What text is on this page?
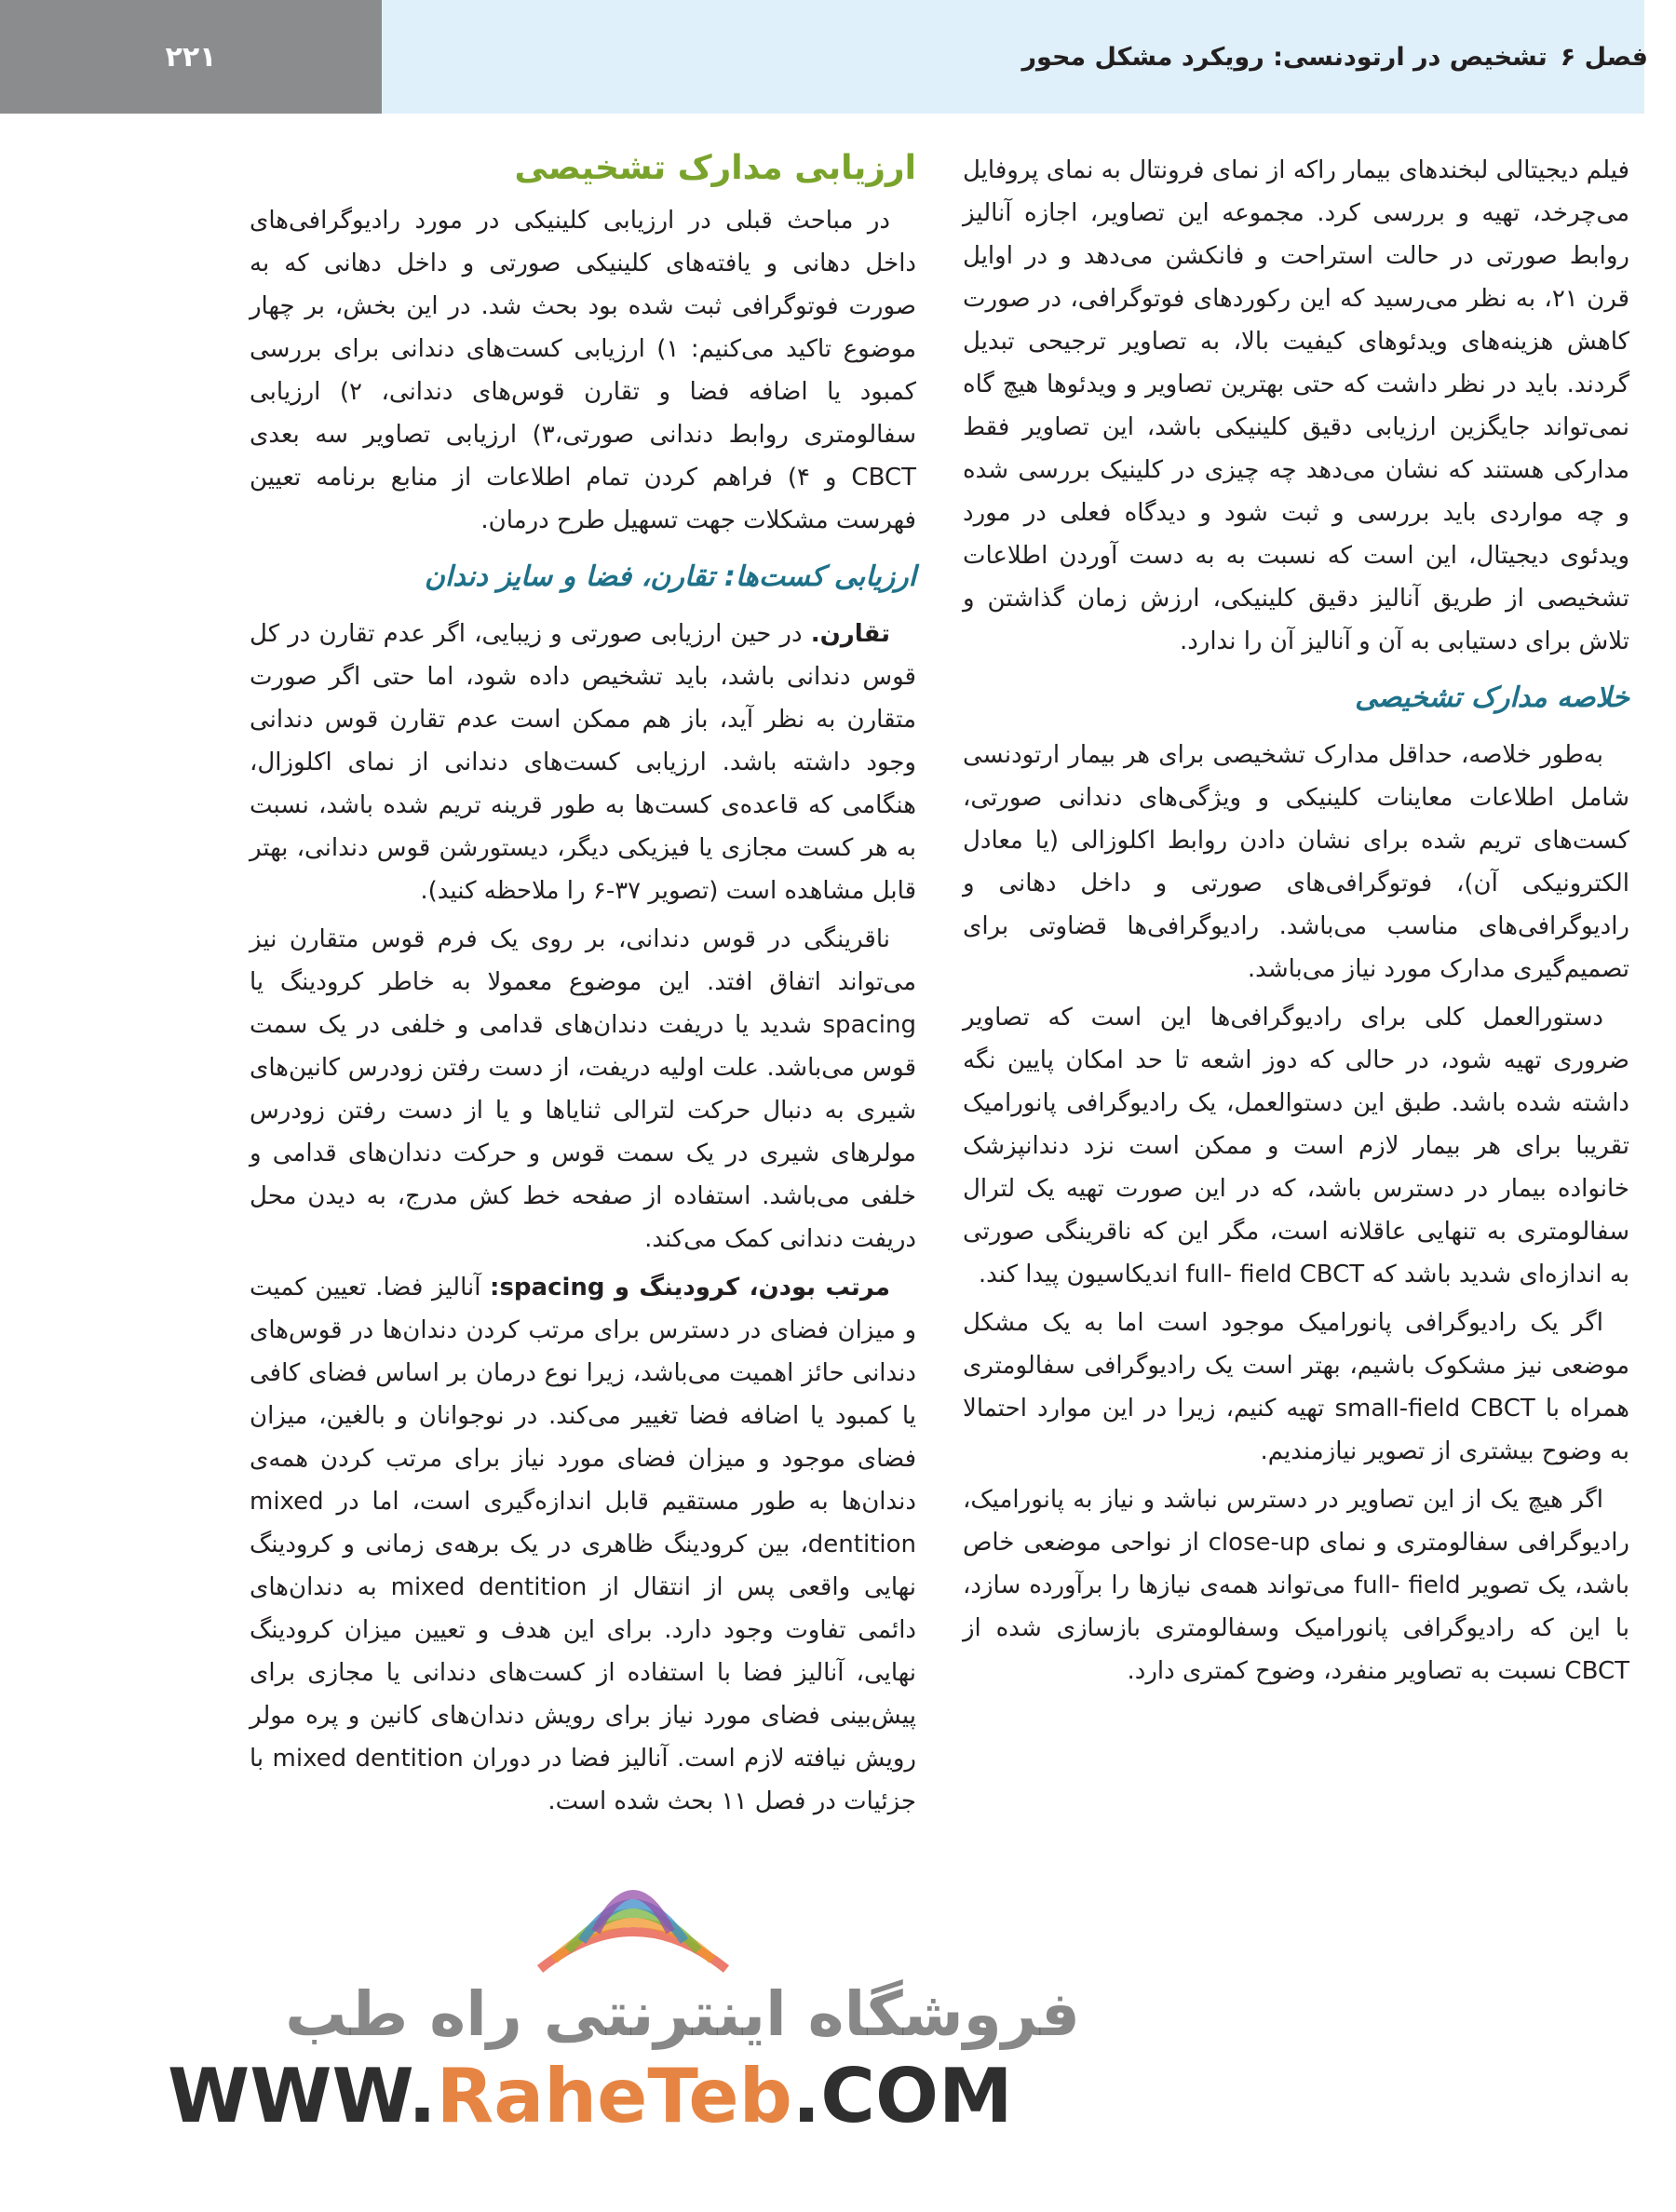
۲۲۱	فصل ۶
تشخیص در ارتودنسی: رویکرد مشکل محور

فیلم دیجیتالی لبخندهای بیمار راکه از نمای فرونتال به نمای پروفایل می‌چرخد، تهیه و بررسی کرد. مجموعه این تصاویر، اجازه آنالیز روابط صورتی در حالت استراحت و فانکشن می‌دهد و در اوایل قرن ۲۱، به نظر می‌رسید که این رکوردهای فوتوگرافی، در صورت کاهش هزینه‌های ویدئوهای کیفیت بالا، به تصاویر ترجیحی تبدیل گردند. باید در نظر داشت که حتی بهترین تصاویر و ویدئوها هیچ گاه نمی‌تواند جایگزین ارزیابی دقیق کلینیکی باشد، این تصاویر فقط مدارکی هستند که نشان می‌دهد چه چیزی در کلینیک بررسی شده و چه مواردی باید بررسی و ثبت شود و دیدگاه فعلی در مورد ویدئوی دیجیتال، این است که نسبت به به دست آوردن اطلاعات تشخیصی از طریق آنالیز دقیق کلینیکی، ارزش زمان گذاشتن و تلاش برای دستیابی به آن و آنالیز آن را ندارد.

خلاصه مدارک تشخیصی

به‌طور خلاصه، حداقل مدارک تشخیصی برای هر بیمار ارتودنسی شامل اطلاعات معاینات کلینیکی و ویژگی‌های دندانی صورتی، کست‌های تریم شده برای نشان دادن روابط اکلوزالی (یا معادل الکترونیکی آن)، فوتوگرافی‌های صورتی و داخل دهانی و رادیوگرافی‌های مناسب می‌باشد. رادیوگرافی‌ها قضاوتی برای تصمیم‌گیری مدارک مورد نیاز می‌باشد.

دستورالعمل کلی برای رادیوگرافی‌ها این است که تصاویر ضروری تهیه شود، در حالی که دوز اشعه تا حد امکان پایین نگه داشته شده باشد. طبق این دستوالعمل، یک رادیوگرافی پانورامیک تقریبا برای هر بیمار لازم است و ممکن است نزد دندانپزشک خانواده بیمار در دسترس باشد، که در این صورت تهیه یک لترال سفالومتری به تنهایی عاقلانه است، مگر این که ناقرینگی صورتی به اندازه‌ای شدید باشد که full- field CBCT اندیکاسیون پیدا کند.

اگر یک رادیوگرافی پانورامیک موجود است اما به یک مشکل موضعی نیز مشکوک باشیم، بهتر است یک رادیوگرافی سفالومتری همراه با small-field CBCT تهیه کنیم، زیرا در این موارد احتمالا به وضوح بیشتری از تصویر نیازمندیم.

اگر هیچ یک از این تصاویر در دسترس نباشد و نیاز به پانورامیک، رادیوگرافی سفالومتری و نمای close-up از نواحی موضعی خاص باشد، یک تصویر full- field می‌تواند همه‌ی نیازها را برآورده سازد، با این که رادیوگرافی پانورامیک وسفالومتری بازسازی شده از CBCT نسبت به تصاویر منفرد، وضوح کمتری دارد.

ارزیابی مدارک تشخیصی

در مباحث قبلی در ارزیابی کلینیکی در مورد رادیوگرافی‌های داخل دهانی و یافته‌های کلینیکی صورتی و داخل دهانی که به صورت فوتوگرافی ثبت شده بود بحث شد. در این بخش، بر چهار موضوع تاکید می‌کنیم: ۱) ارزیابی کست‌های دندانی برای بررسی کمبود یا اضافه فضا و تقارن قوس‌های دندانی، ۲) ارزیابی سفالومتری روابط دندانی صورتی،۳) ارزیابی تصاویر سه بعدی CBCT و ۴) فراهم کردن تمام اطلاعات از منابع برنامه تعیین فهرست مشکلات جهت تسهیل طرح درمان.

ارزیابی کست‌ها: تقارن، فضا و سایز دندان

تقارن. در حین ارزیابی صورتی و زیبایی، اگر عدم تقارن در کل قوس دندانی باشد، باید تشخیص داده شود، اما حتی اگر صورت متقارن به نظر آید، باز هم ممکن است عدم تقارن قوس دندانی وجود داشته باشد. ارزیابی کست‌های دندانی از نمای اکلوزال، هنگامی که قاعده‌ی کست‌ها به طور قرینه تریم شده باشد، نسبت به هر کست مجازی یا فیزیکی دیگر، دیستورشن قوس دندانی، بهتر قابل مشاهده است (تصویر ۳۷-۶ را ملاحظه کنید).

ناقرینگی در قوس دندانی، بر روی یک فرم قوس متقارن نیز می‌تواند اتفاق افتد. این موضوع معمولا به خاطر کرودینگ یا spacing شدید یا دریفت دندان‌های قدامی و خلفی در یک سمت قوس می‌باشد. علت اولیه دریفت، از دست رفتن زودرس کانین‌های شیری به دنبال حرکت لترالی ثنایاها و یا از دست رفتن زودرس مولرهای شیری در یک سمت قوس و حرکت دندان‌های قدامی و خلفی می‌باشد. استفاده از صفحه خط کش مدرج، به دیدن محل دریفت دندانی کمک می‌کند.

مرتب بودن، کرودینگ و spacing: آنالیز فضا. تعیین کمیت و میزان فضای در دسترس برای مرتب کردن دندان‌ها در قوس‌های دندانی حائز اهمیت می‌باشد، زیرا نوع درمان بر اساس فضای کافی یا کمبود یا اضافه فضا تغییر می‌کند. در نوجوانان و بالغین، میزان فضای موجود و میزان فضای مورد نیاز برای مرتب کردن همه‌ی دندان‌ها به طور مستقیم قابل اندازه‌گیری است، اما در mixed dentition، بین کرودینگ ظاهری در یک برهه‌ی زمانی و کرودینگ نهایی واقعی پس از انتقال از mixed dentition به دندان‌های دائمی تفاوت وجود دارد. برای این هدف و تعیین میزان کرودینگ نهایی، آنالیز فضا با استفاده از کست‌های دندانی یا مجازی برای پیش‌بینی فضای مورد نیاز برای رویش دندان‌های کانین و پره مولر رویش نیافته لازم است. آنالیز فضا در دوران mixed dentition با جزئیات در فصل ۱۱ بحث شده است.

فروشگاه اینترنتی راه طب
WWW.RaheTeb.COM
